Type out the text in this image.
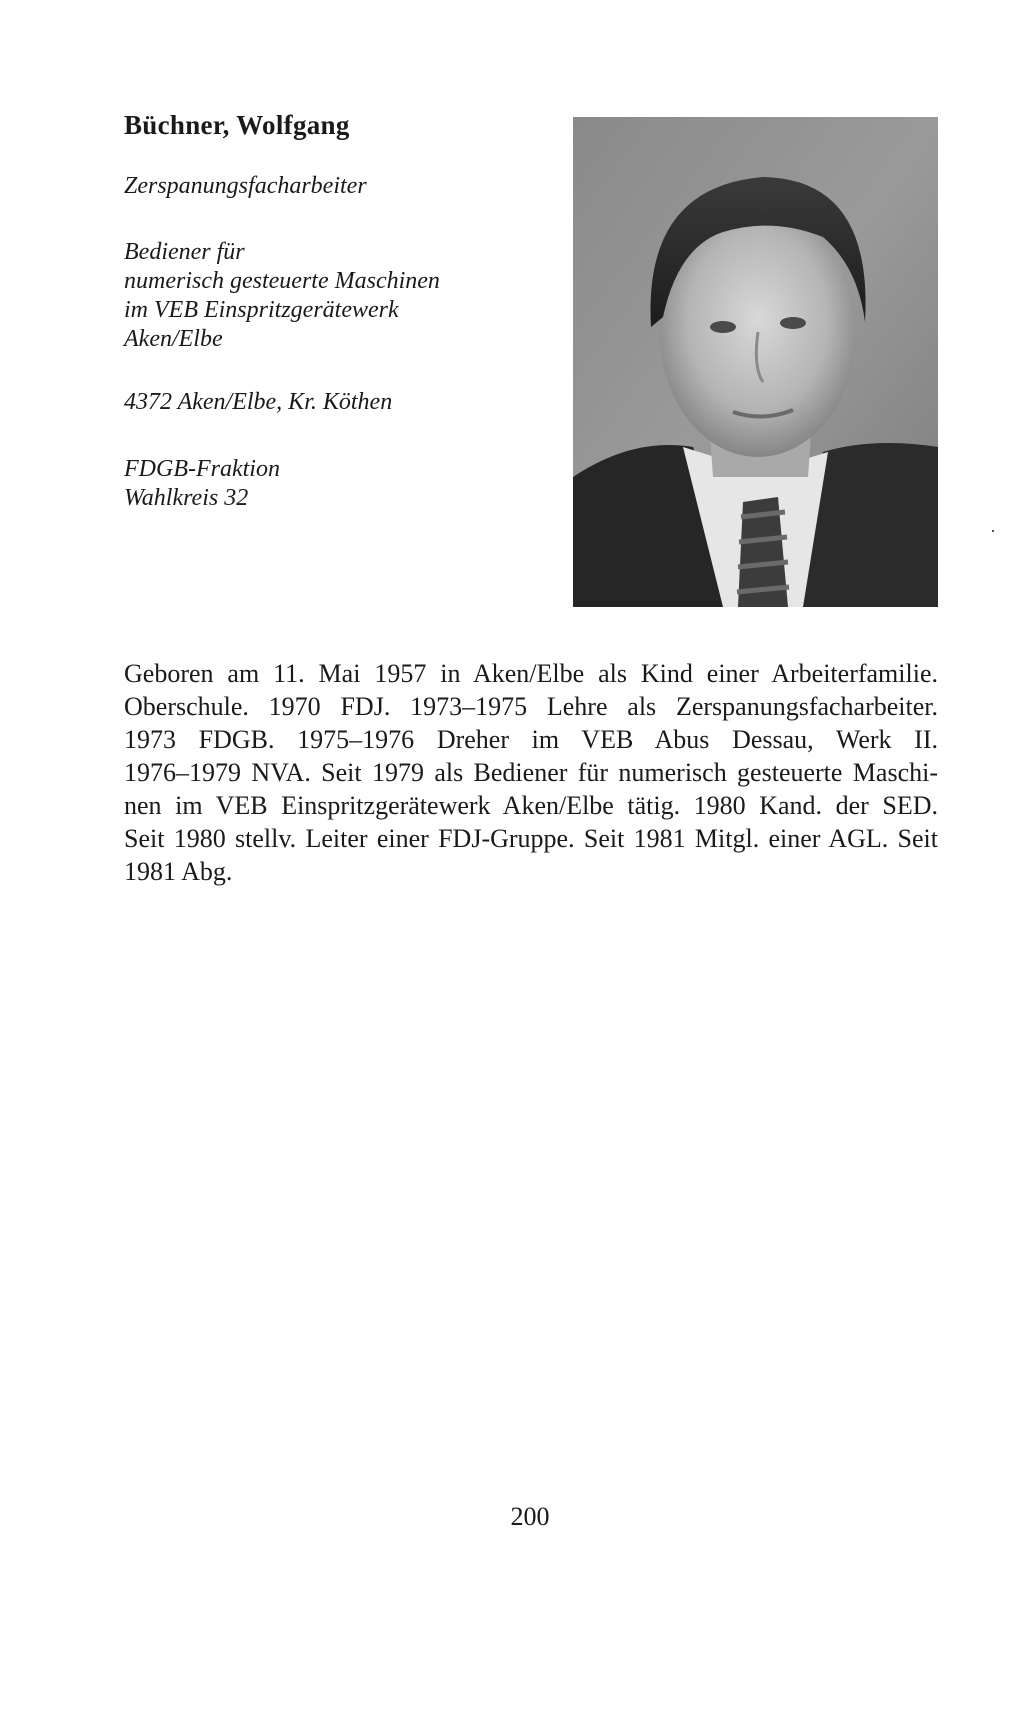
Büchner, Wolfgang
Zerspanungsfacharbeiter
Bediener für
numerisch gesteuerte Maschinen
im VEB Einspritzgerätewerk
Aken/Elbe
4372 Aken/Elbe, Kr. Köthen
FDGB-Fraktion
Wahlkreis 32
Geboren am 11. Mai 1957 in Aken/Elbe als Kind einer Arbeiterfamilie.
Oberschule. 1970 FDJ. 1973–1975 Lehre als Zerspanungsfacharbeiter.
1973 FDGB. 1975–1976 Dreher im VEB Abus Dessau, Werk II.
1976–1979 NVA. Seit 1979 als Bediener für numerisch gesteuerte Maschi-
nen im VEB Einspritzgerätewerk Aken/Elbe tätig. 1980 Kand. der SED.
Seit 1980 stellv. Leiter einer FDJ-Gruppe. Seit 1981 Mitgl. einer AGL. Seit
1981 Abg.
200
